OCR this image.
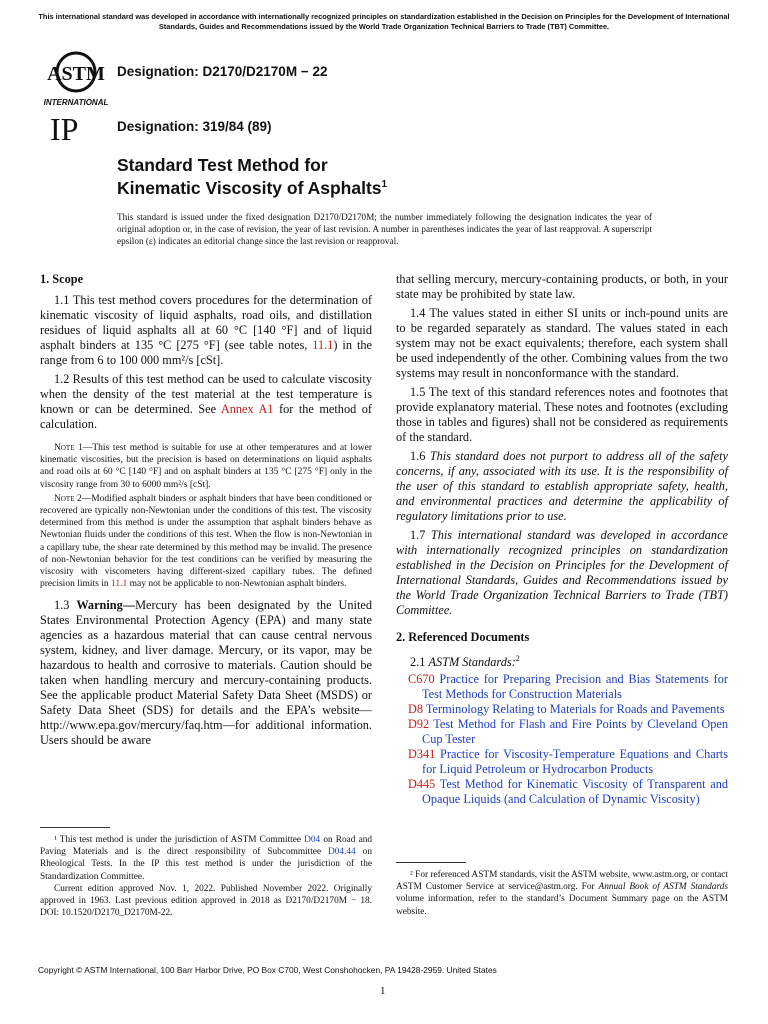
This international standard was developed in accordance with internationally recognized principles on standardization established in the Decision on Principles for the Development of International Standards, Guides and Recommendations issued by the World Trade Organization Technical Barriers to Trade (TBT) Committee.
ASTM
INTERNATIONAL
Designation: D2170/D2170M − 22
IP	Designation: 319/84 (89)
Standard Test Method for
Kinematic Viscosity of Asphalts$^1$
This standard is issued under the fixed designation D2170/D2170M; the number immediately following the designation indicates the year of original adoption or, in the case of revision, the year of last revision. A number in parentheses indicates the year of last reapproval. A superscript epsilon (ε) indicates an editorial change since the last revision or reapproval.

1. Scope

1.1 This test method covers procedures for the determination of kinematic viscosity of liquid asphalts, road oils, and distillation residues of liquid asphalts all at 60 °C [140 °F] and of liquid asphalt binders at 135 °C [275 °F] (see table notes, 11.1) in the range from 6 to 100 000 mm²/s [cSt].

1.2 Results of this test method can be used to calculate viscosity when the density of the test material at the test temperature is known or can be determined. See Annex A1 for the method of calculation.

Note 1—This test method is suitable for use at other temperatures and at lower kinematic viscosities, but the precision is based on determinations on liquid asphalts and road oils at 60 °C [140 °F] and on asphalt binders at 135 °C [275 °F] only in the viscosity range from 30 to 6000 mm²/s [cSt].

Note 2—Modified asphalt binders or asphalt binders that have been conditioned or recovered are typically non-Newtonian under the conditions of this test. The viscosity determined from this method is under the assumption that asphalt binders behave as Newtonian fluids under the conditions of this test. When the flow is non-Newtonian in a capillary tube, the shear rate determined by this method may be invalid. The presence of non-Newtonian behavior for the test conditions can be verified by measuring the viscosity with viscometers having different-sized capillary tubes. The defined precision limits in 11.1 may not be applicable to non-Newtonian asphalt binders.

1.3 Warning—Mercury has been designated by the United States Environmental Protection Agency (EPA) and many state agencies as a hazardous material that can cause central nervous system, kidney, and liver damage. Mercury, or its vapor, may be hazardous to health and corrosive to materials. Caution should be taken when handling mercury and mercury-containing products. See the applicable product Material Safety Data Sheet (MSDS) or Safety Data Sheet (SDS) for details and the EPA’s website—http://www.epa.gov/mercury/faq.htm—for additional information. Users should be aware

¹ This test method is under the jurisdiction of ASTM Committee D04 on Road and Paving Materials and is the direct responsibility of Subcommittee D04.44 on Rheological Tests. In the IP this test method is under the jurisdiction of the Standardization Committee.

Current edition approved Nov. 1, 2022. Published November 2022. Originally approved in 1963. Last previous edition approved in 2018 as D2170/D2170M − 18. DOI: 10.1520/D2170_D2170M-22.

that selling mercury, mercury-containing products, or both, in your state may be prohibited by state law.

1.4 The values stated in either SI units or inch-pound units are to be regarded separately as standard. The values stated in each system may not be exact equivalents; therefore, each system shall be used independently of the other. Combining values from the two systems may result in nonconformance with the standard.

1.5 The text of this standard references notes and footnotes that provide explanatory material. These notes and footnotes (excluding those in tables and figures) shall not be considered as requirements of the standard.

1.6 This standard does not purport to address all of the safety concerns, if any, associated with its use. It is the responsibility of the user of this standard to establish appropriate safety, health, and environmental practices and determine the applicability of regulatory limitations prior to use.

1.7 This international standard was developed in accordance with internationally recognized principles on standardization established in the Decision on Principles for the Development of International Standards, Guides and Recommendations issued by the World Trade Organization Technical Barriers to Trade (TBT) Committee.

2. Referenced Documents

2.1 ASTM Standards:$^2$

C670 Practice for Preparing Precision and Bias Statements for Test Methods for Construction Materials

D8 Terminology Relating to Materials for Roads and Pavements

D92 Test Method for Flash and Fire Points by Cleveland Open Cup Tester

D341 Practice for Viscosity-Temperature Equations and Charts for Liquid Petroleum or Hydrocarbon Products

D445 Test Method for Kinematic Viscosity of Transparent and Opaque Liquids (and Calculation of Dynamic Viscosity)

² For referenced ASTM standards, visit the ASTM website, www.astm.org, or contact ASTM Customer Service at service@astm.org. For Annual Book of ASTM Standards volume information, refer to the standard’s Document Summary page on the ASTM website.

Copyright © ASTM International, 100 Barr Harbor Drive, PO Box C700, West Conshohocken, PA 19428-2959. United States
1
